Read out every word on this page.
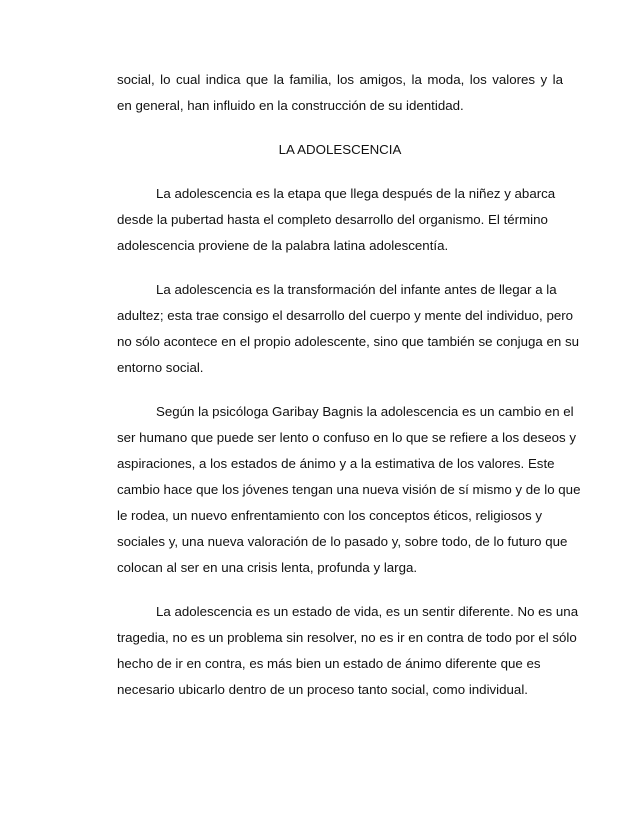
social, lo cual indica que la familia, los amigos, la moda, los valores y la

en general, han influido en la construcción de su identidad.

LA ADOLESCENCIA

La adolescencia es la etapa que llega después de la niñez y abarca

desde la pubertad hasta el completo desarrollo del organismo. El término

adolescencia proviene de la palabra latina adolescentía.

La adolescencia es la transformación del infante antes de llegar a la

adultez; esta trae consigo el desarrollo del cuerpo y mente del individuo, pero

no sólo acontece en el propio adolescente, sino que también se conjuga en su

entorno social.

Según la psicóloga Garibay Bagnis la adolescencia es un cambio en el

ser humano que puede ser lento o confuso en lo que se refiere a los deseos y

aspiraciones, a los estados de ánimo y a la estimativa de los valores. Este

cambio hace que los jóvenes tengan una nueva visión de sí mismo y de lo que

le rodea, un nuevo enfrentamiento con los conceptos éticos, religiosos y

sociales y, una nueva valoración de lo pasado y, sobre todo, de lo futuro que

colocan al ser en una crisis lenta, profunda y larga.

La adolescencia es un estado de vida, es un sentir diferente. No es una

tragedia, no es un problema sin resolver, no es ir en contra de todo por el sólo

hecho de ir en contra, es más bien un estado de ánimo diferente que es

necesario ubicarlo dentro de un proceso tanto social, como individual.
